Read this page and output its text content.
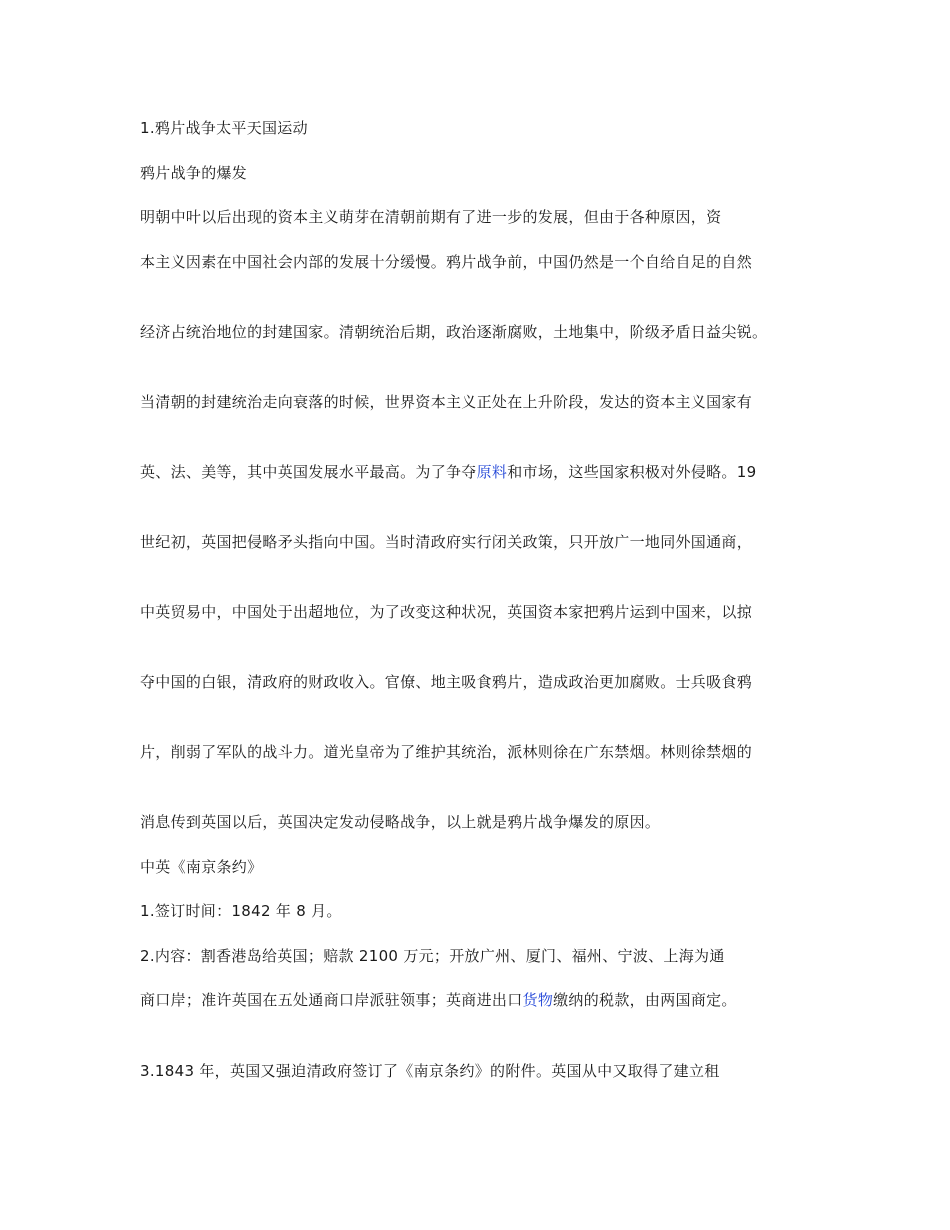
1.鸦片战争太平天国运动
鸦片战争的爆发
明朝中叶以后出现的资本主义萌芽在清朝前期有了进一步的发展，但由于各种原因，资
本主义因素在中国社会内部的发展十分缓慢。鸦片战争前，中国仍然是一个自给自足的自然
经济占统治地位的封建国家。清朝统治后期，政治逐渐腐败，土地集中，阶级矛盾日益尖锐。
当清朝的封建统治走向衰落的时候，世界资本主义正处在上升阶段，发达的资本主义国家有
英、法、美等，其中英国发展水平最高。为了争夺原料和市场，这些国家积极对外侵略。19
世纪初，英国把侵略矛头指向中国。当时清政府实行闭关政策，只开放广一地同外国通商，
中英贸易中，中国处于出超地位，为了改变这种状况，英国资本家把鸦片运到中国来，以掠
夺中国的白银，清政府的财政收入。官僚、地主吸食鸦片，造成政治更加腐败。士兵吸食鸦
片，削弱了军队的战斗力。道光皇帝为了维护其统治，派林则徐在广东禁烟。林则徐禁烟的
消息传到英国以后，英国决定发动侵略战争，以上就是鸦片战争爆发的原因。
中英《南京条约》
1.签订时间：1842 年 8 月。
2.内容：割香港岛给英国；赔款 2100 万元；开放广州、厦门、福州、宁波、上海为通
商口岸；准许英国在五处通商口岸派驻领事；英商进出口货物缴纳的税款，由两国商定。
3.1843 年，英国又强迫清政府签订了《南京条约》的附件。英国从中又取得了建立租
